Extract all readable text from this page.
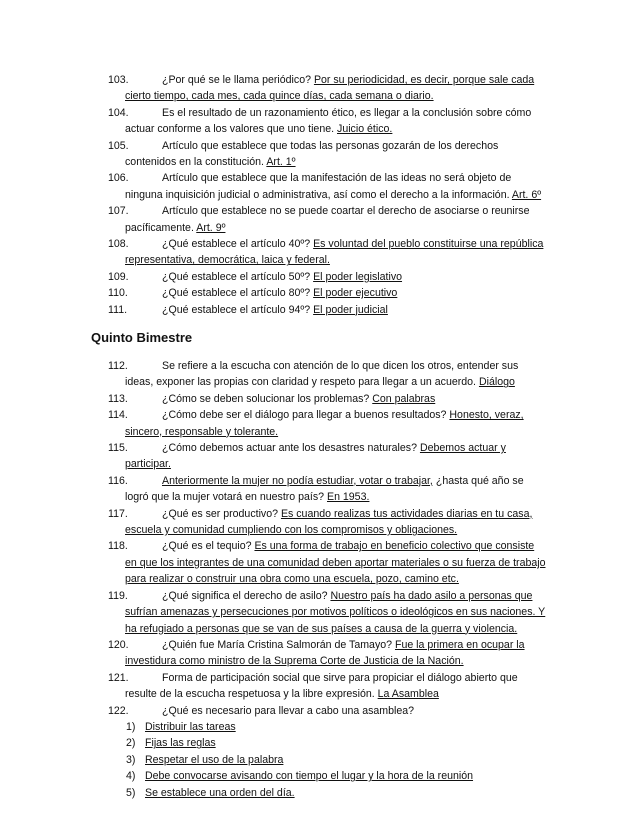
103.	¿Por qué se le llama periódico? Por su periodicidad, es decir, porque sale cada cierto tiempo, cada mes, cada quince días, cada semana o diario.
104.	Es el resultado de un razonamiento ético, es llegar a la conclusión sobre cómo actuar conforme a los valores que uno tiene. Juicio ético.
105.	Artículo que establece que todas las personas gozarán de los derechos contenidos en la constitución. Art. 1º
106.	Artículo que establece que la manifestación de las ideas no será objeto de ninguna inquisición judicial o administrativa, así como el derecho a la información. Art. 6º
107.	Artículo que establece no se puede coartar el derecho de asociarse o reunirse pacíficamente. Art. 9º
108.	¿Qué establece el artículo 40º? Es voluntad del pueblo constituirse una república representativa, democrática, laica y federal.
109.	¿Qué establece el artículo 50º? El poder legislativo
110.	¿Qué establece el artículo 80º? El poder ejecutivo
111.	¿Qué establece el artículo 94º? El poder judicial
Quinto Bimestre
112.	Se refiere a la escucha con atención de lo que dicen los otros, entender sus ideas, exponer las propias con claridad y respeto para llegar a un acuerdo. Diálogo
113.	¿Cómo se deben solucionar los problemas? Con palabras
114.	¿Cómo debe ser el diálogo para llegar a buenos resultados? Honesto, veraz, sincero, responsable y tolerante.
115.	¿Cómo debemos actuar ante los desastres naturales? Debemos actuar y participar.
116.	Anteriormente la mujer no podía estudiar, votar o trabajar, ¿hasta qué año se logró que la mujer votará en nuestro país? En 1953.
117.	¿Qué es ser productivo? Es cuando realizas tus actividades diarias en tu casa, escuela y comunidad cumpliendo con los compromisos y obligaciones.
118.	¿Qué es el tequio? Es una forma de trabajo en beneficio colectivo que consiste en que los integrantes de una comunidad deben aportar materiales o su fuerza de trabajo para realizar o construir una obra como una escuela, pozo, camino etc.
119.	¿Qué significa el derecho de asilo? Nuestro país ha dado asilo a personas que sufrían amenazas y persecuciones por motivos políticos o ideológicos en sus naciones. Y ha refugiado a personas que se van de sus países a causa de la guerra y violencia.
120.	¿Quién fue María Cristina Salmorán de Tamayo? Fue la primera en ocupar la investidura como ministro de la Suprema Corte de Justicia de la Nación.
121.	Forma de participación social que sirve para propiciar el diálogo abierto que resulte de la escucha respetuosa y la libre expresión. La Asamblea
122.	¿Qué es necesario para llevar a cabo una asamblea?
1) Distribuir las tareas
2) Fijas las reglas
3) Respetar el uso de la palabra
4) Debe convocarse avisando con tiempo el lugar y la hora de la reunión
5) Se establece una orden del día.
